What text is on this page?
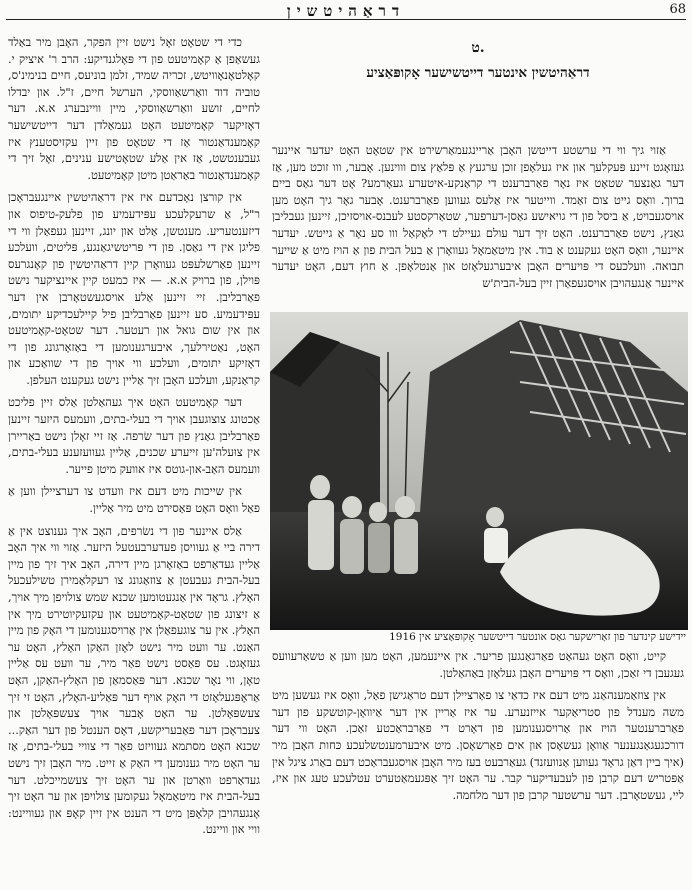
דראַהיטשין	68

כדי די שטאָט זאָל נישט זיין הפקר, האָבן מיר באַלד געשאַפן אַ קאָמיטעט פון די פּאָלגנדיקע: הרב ר' איציק י. קאָלטאָנאָוויטש, זכריה שמיד, זלמן בוניעס, חיים בנימינ'ס, טוביה דוד וואַרשאַווסקי, הערשל חיים, ז"ל. און יבדלו לחיים, זושע וואַרשאַווסקי, מיין וויינבערג א.א. דער דאָזיקער קאָמיטעט האָט געמאַלדן דער דייטשישער קאָמענדאַנטור אַז די שטאָט פון זיין עקזיסטענץ איז געבענטשט, אַז אין אַלע שטאָטישע ענינים, זאָל זיך די קאָמענדאַנטור באַראַטן מיטן קאָמיטעט.

אין קורצן נאָכדעם איז אין דראַהיטשין איינגעבראָכן ר"ל, אַ שרעקלעכע עפּידעמיע פון פלעק-טיפוס און דיזענטעריע. מענטשן, אַלט און יונג, זיינען געפאַלן ווי די פליגן אין די גאַסן. פון די פּריטשיגאַנגע, פּליטים, וועלכע זיינען פאַרשלעפּט געוואָרן קיין דראַהיטשין פון קאָנגרעס פּוילן, פון ברויק א.א. — איז כמעט קיין איינציקער נישט פאַרבליבן. זיי זיינען אַלע אויסגעשטאָרבן אין דער עפּידעמיע. סע זיינען פאַרבליבן פיל קיילעכדיקע יתומים, און אין שום גואל און רעטער. דער שטאָט-קאָמיטעט האָט, נאַטירלעך, איבערגענומען די באַזאָרגונג פון די דאָזיקע יתומים, וועלכע ווי אויך פון די שוואַכע און קראַנקע, וועלכע האָבן זיך אַליין נישט געקענט העלפן.

דער קאָמיטעט האָט איך געהאַלטן אַלס זיין פליכט אַכטונג צוצוגעבן אויך די בעלי-בתים, וועמעס היזער זיינען פאַרבליבן גאַנץ פון דער שׂרפה. אַז זיי זאָלן נישט באַריירן אין צוּעלה'ען זייערע שכנים, אַליין געוועזענע בעלי-בתים, וועמעס האַב-און-גוטס איז אוועק מיטן פייער.

אין שייכות מיט דעם איז וועדט צו דערציילן ווען אַ פאַל וואָס האָט פּאַסירט מיט מיר אַליין.

אַלס איינער פון די נשׂרפים, האָב איך גענוצט אין אַ דירה ביי אַ געוויסן פעדערבעטעל היזער. אַזוי ווי איך האָב אַליין געדאַרפט באַזאָרגן מיין דירה, האָב איך זיך פון מיין בעל-הבית געבעטן אַ צוזאַגונג צו רעקלאַמירן טשילעכעל האָלץ. גראָד אין אַנגעטומען שכנא שמש צולויפן מיך אויך, אַ זיצונג פון שטאָט-קאָמיטעט און עקזעקיוטירט מיך אין האָלץ. אין ער צוגעפאַלן אין אַרויסגענומען די האָק פון מיין האַנט. ער וועט מיר נישט לאָזן האַקן האָלץ, האָט ער געזאָגט. עס פּאַסט נישט פאַר מיר, ער וועט עס אַליין טאָן, ווי נאָר שכנא. דער פּאַסמאַן פון האָלץ-האַקן, האָט אַראָפּגעלאָזט די האָק אויף דער פּאַליע-האָלץ, האָט זי זיך צעשפּאָלטן. ער האָט אָבער אויך צעשפּאָלטן און צעבראָכן דער פאַבעריקשע, דאָס הענטל פון דער האַק... שכנא האָט מסתמא געוויזט פאַר די צוויי בעלי-בתים, אַז ער האָט מיר גענומען די האַק אַ זייט. מיר האָבן זיך נישט געדאַרפט וואַרטן און ער האָט זיך צעשמייכלט. דער בעל-הבית איז מיטאַמאָל געקומען צולויפן און ער האָט זיך אָנגעהויבן קלאָפּן מיט די הענט אין זיין קאָפּ און געוויינט: וויי און וויינט.

ט.
דראַהיטשין אינטער דייטשישער אָקופּאַציע

אַזוי גיך ווי די ערשטע דייטשן האָבן אַריינגעמאַרשירט אין שטאָט האָט יעדער איינער געזאָגט זיינע פּעקלעך און איז געלאָפן זוכן ערגעץ אַ פּלאַץ צום וווינען. אָבער, ווו זוכט מען, אַז דער גאַנצער שטאָט איז נאָר פאַרברענט די קראַנקע-איטערע געאָרמע? אָט דער גאַס ביים ברוך. וואָס גייט צום זאַמד. ווייטער איז אַלעס געווען פאַרברענט. אָבער גאָר גיך האָט מען אויסגעבויט, אַ ביסל פון די גויאישע גאַסן-דערפער, שטאַרקסטע לעבנס-אויסזיכן, זיינען געבליבן גאַנץ, נישט פאַרברענט. האָט זיך דער עולם געיילט די לאָקאַל ווו סע נאָר אַ גייטש. יעדער איינער, וואָס האָט געקענט אַ בוד. אין מיטאַמאָל געוואָרן אַ בעל הבית פון אַ הויז מיט אַ שייער תבואה. וועלכעס די פּויערים האָבן איבערגעלאָזט און אַנטלאָפן. אַ חוץ דעם, האָט יעדער איינער אַנגעהויבן אויסגעפאַרן זיין בעל-הבית'ש

יידישע קינדער פון זאַרישקער גאַס אונטער דייטשער אָקופּאַציע אין 1916

קייט, וואָס האָט געהאַט פאַרגאַנגען פריער. אין איינעמען, האָט מען ווען אַ טשאַרעוועס געגעבן די זאַכן, וואָס די פּויערים האָבן געלאָזן באַהאַלטן.

אין צוזאַמענהאַנג מיט דעם איז כדאַי צו פאַרציילן דעם טראַגישן פאַל, וואָס איז געשען מיט משה מענדל פון סטריאַקער אייזנערע. ער איז אַריין אין דער אַיוואָן-קוטשקע פון דער פאַרברענטער הויז און אַרויסגענומען פון דאָרט די פאַרבראַכטע זאַכן. האָט ווי דער דורכגעגאַנגענער אַוואָן געשאָסן און אים פאַרשאָסן. מיט איבערמענטשלעכע כּחות האָבן מיר (איך ביין דאַן גראָד געווען אַנוועזנד) געאַרבעט בעז מיר האָבן אויסגעבראַכט דעם באַרג ציגל אין אַפּטריש דעם קרבן פון לעבעדיקער קבר. ער האָט זיך אַפּגעמאַטערט עטלעכע טעג און איז, ליי, געשטאָרבן. דער ערשטער קרבן פון דער מלחמה.
